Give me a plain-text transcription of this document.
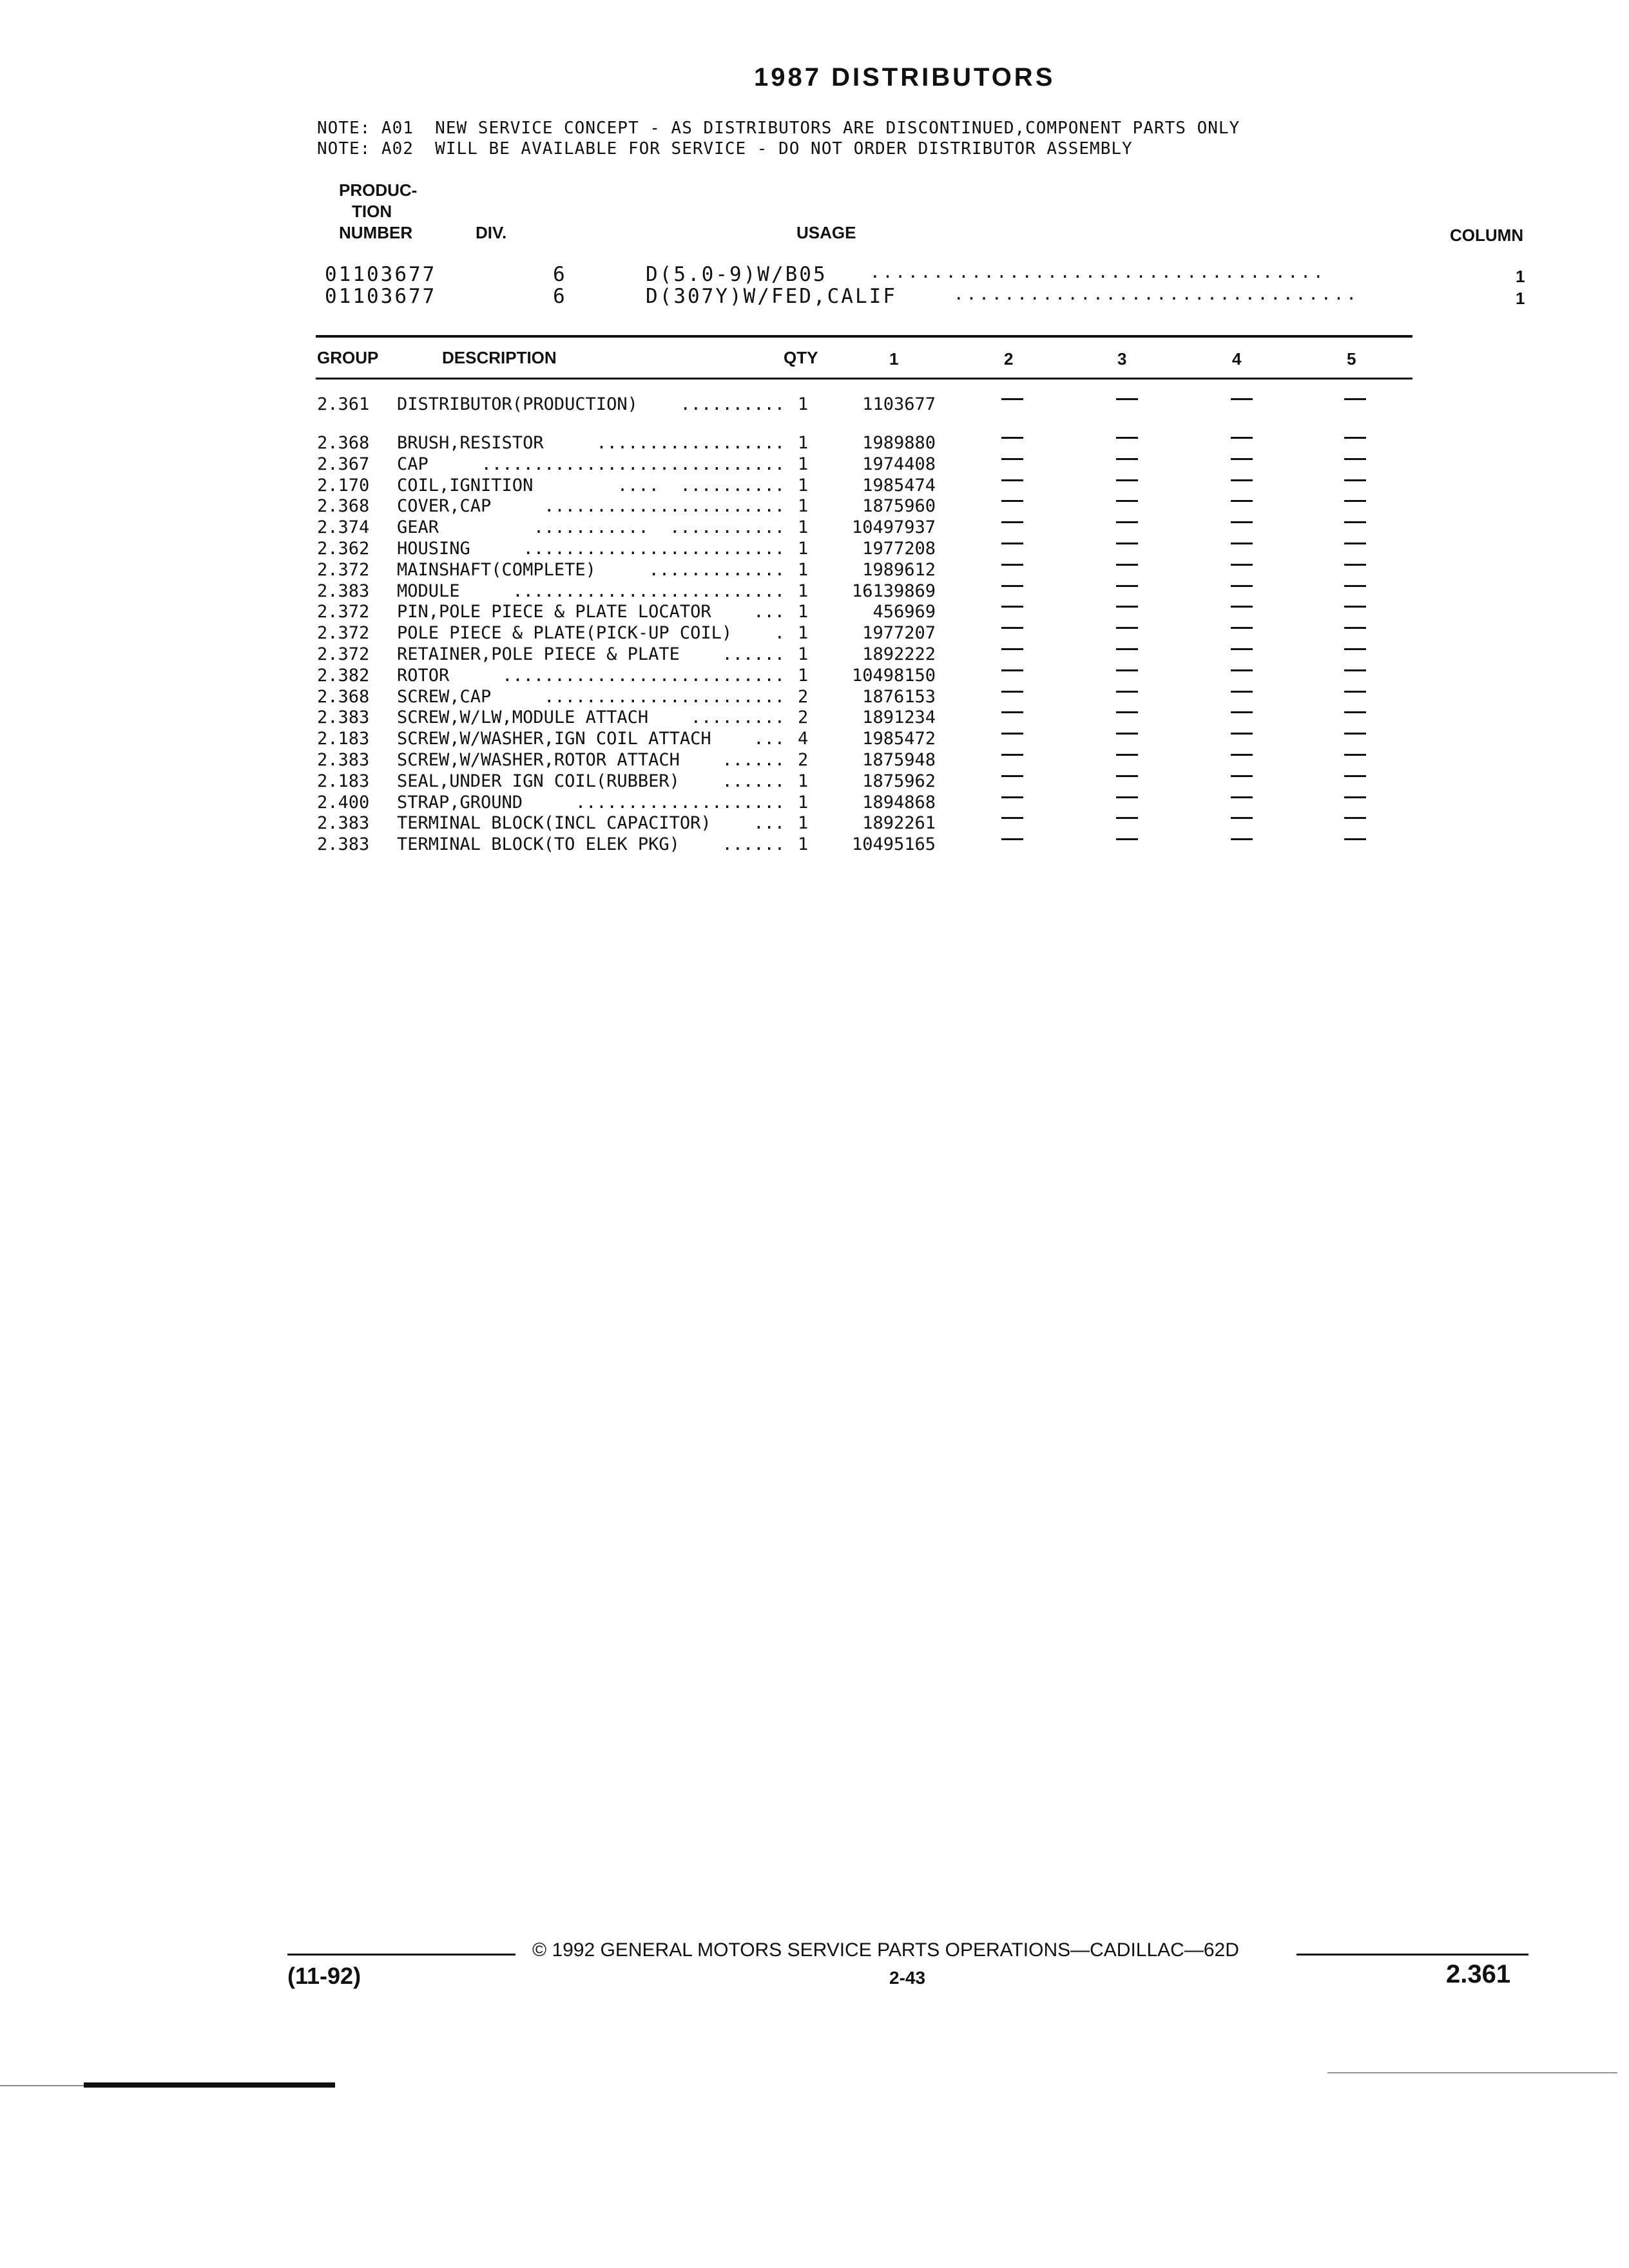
1987 DISTRIBUTORS
NOTE: A01  NEW SERVICE CONCEPT - AS DISTRIBUTORS ARE DISCONTINUED,COMPONENT PARTS ONLY
NOTE: A02  WILL BE AVAILABLE FOR SERVICE - DO NOT ORDER DISTRIBUTOR ASSEMBLY
PRODUC-
TION
NUMBER	DIV.	USAGE	COLUMN
01103677	6	D(5.0-9)W/B05	....................................	1
01103677	6	D(307Y)W/FED,CALIF	................................	1
GROUP	DESCRIPTION	QTY	1	2	3	4	5
2.361 DISTRIBUTOR(PRODUCTION) .......... 1	1103677
2.368 BRUSH,RESISTOR	.................. 1	1989880
2.367 CAP	............................. 1	1974408
2.170 COIL,IGNITION	....  .......... 1	1985474
2.368 COVER,CAP	....................... 1	1875960
2.374 GEAR	...........  ........... 1	10497937
2.362 HOUSING	......................... 1	1977208
2.372 MAINSHAFT(COMPLETE)	............. 1	1989612
2.383 MODULE	.......................... 1	16139869
2.372 PIN,POLE PIECE & PLATE LOCATOR ... 1	456969
2.372 POLE PIECE & PLATE(PICK-UP COIL) . 1	1977207
2.372 RETAINER,POLE PIECE & PLATE ...... 1	1892222
2.382 ROTOR	........................... 1	10498150
2.368 SCREW,CAP	....................... 2	1876153
2.383 SCREW,W/LW,MODULE ATTACH ......... 2	1891234
2.183 SCREW,W/WASHER,IGN COIL ATTACH ... 4	1985472
2.383 SCREW,W/WASHER,ROTOR ATTACH ...... 2	1875948
2.183 SEAL,UNDER IGN COIL(RUBBER) ...... 1	1875962
2.400 STRAP,GROUND	.................... 1	1894868
2.383 TERMINAL BLOCK(INCL CAPACITOR) ... 1	1892261
2.383 TERMINAL BLOCK(TO ELEK PKG) ...... 1	10495165
© 1992 GENERAL MOTORS SERVICE PARTS OPERATIONS—CADILLAC—62D
(11-92)	2-43	2.361
